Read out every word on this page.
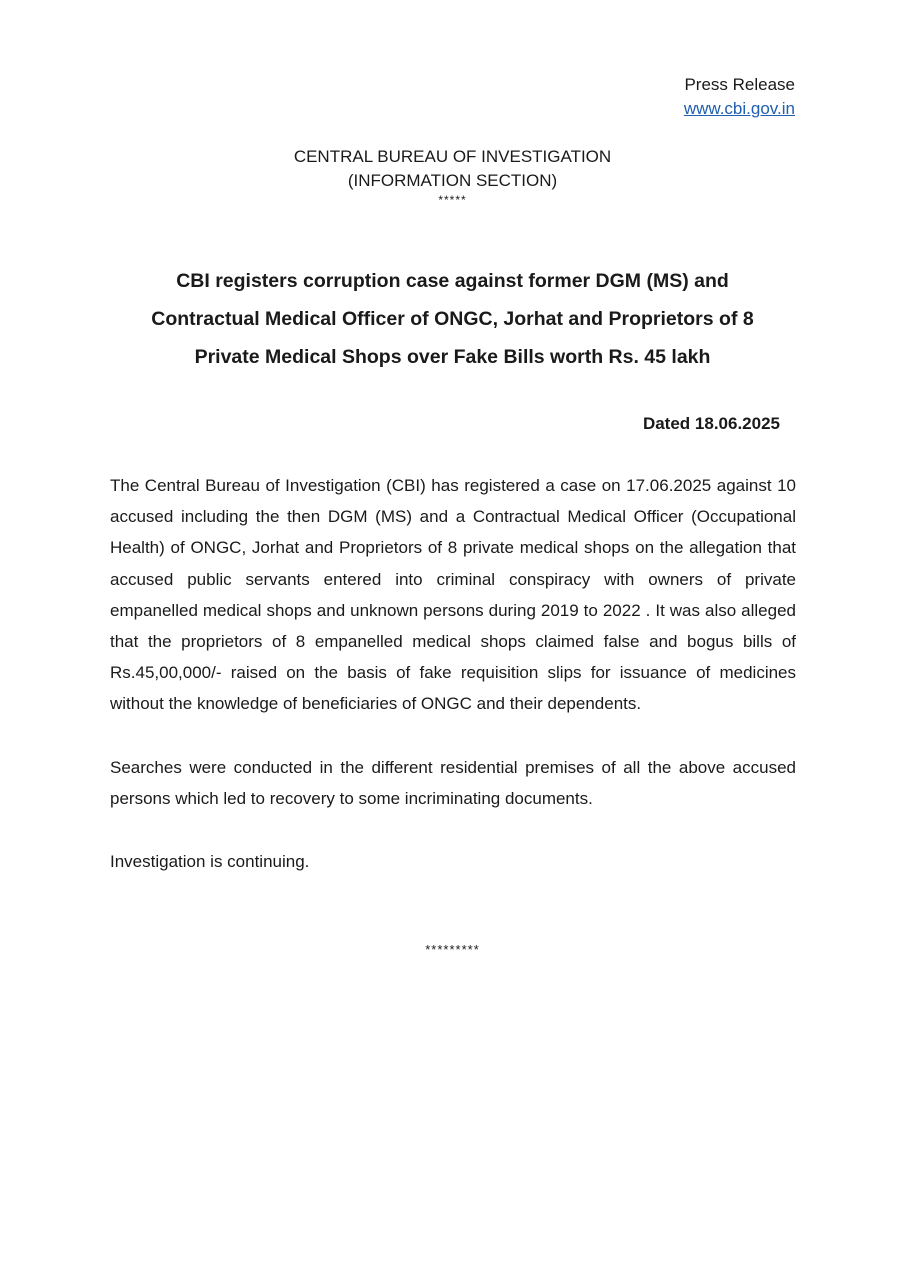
Press Release
www.cbi.gov.in
CENTRAL BUREAU OF INVESTIGATION
(INFORMATION SECTION)
*****
CBI registers corruption case against former DGM (MS) and
Contractual Medical Officer of ONGC, Jorhat and Proprietors of 8
Private Medical Shops over Fake Bills worth Rs. 45 lakh
Dated 18.06.2025

The Central Bureau of Investigation (CBI) has registered a case on 17.06.2025 against 10 accused including the then DGM (MS) and a Contractual Medical Officer (Occupational Health) of ONGC, Jorhat and Proprietors of 8 private medical shops on the allegation that accused public servants entered into criminal conspiracy with owners of private empanelled medical shops and unknown persons during 2019 to 2022 . It was also alleged that the proprietors of 8 empanelled medical shops claimed false and bogus bills of Rs.45,00,000/- raised on the basis of fake requisition slips for issuance of medicines without the knowledge of beneficiaries of ONGC and their dependents.

Searches were conducted in the different residential premises of all the above accused persons which led to recovery to some incriminating documents.

Investigation is continuing.

*********
